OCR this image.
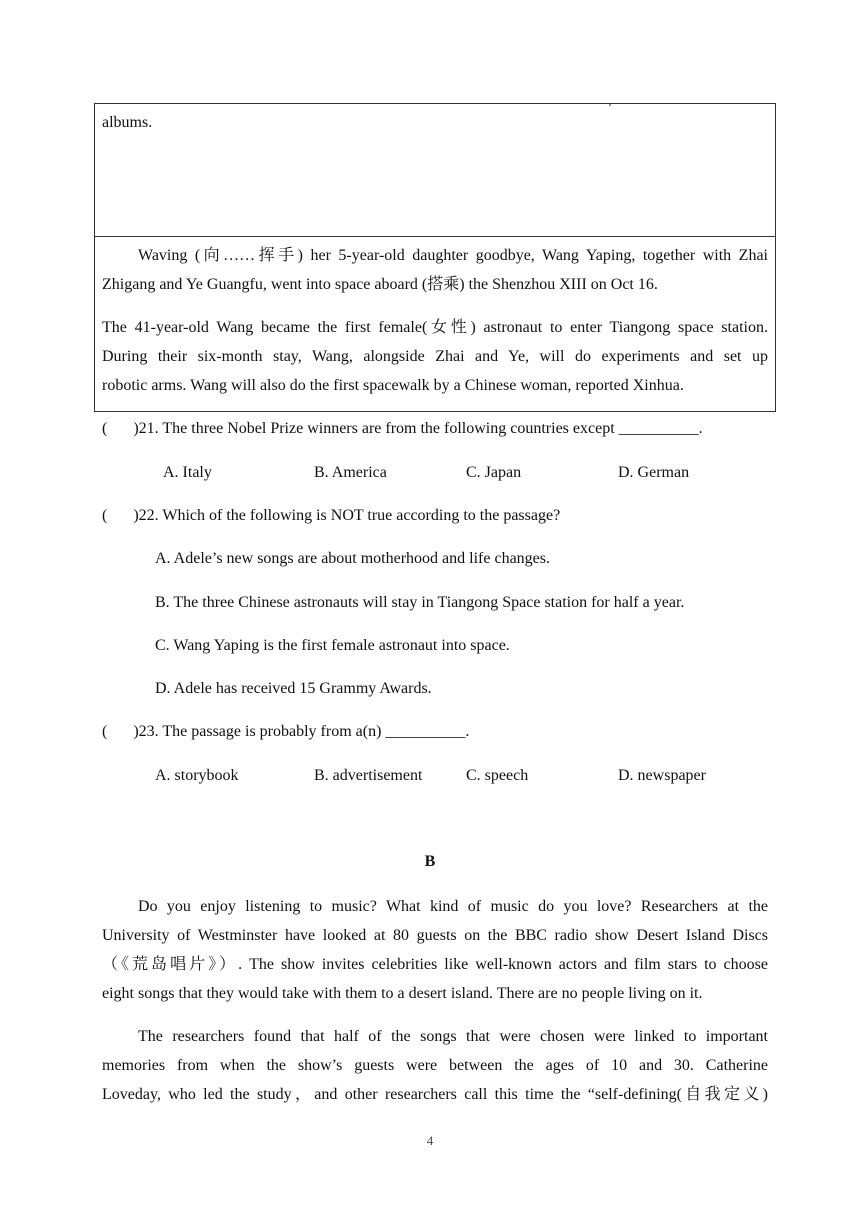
albums.
Waving (向……挥手) her 5-year-old daughter goodbye, Wang Yaping, together with Zhai
Zhigang and Ye Guangfu, went into space aboard (搭乘) the Shenzhou XIII on Oct 16.
The 41-year-old Wang became the first female(女性) astronaut to enter Tiangong space station.
During their six-month stay, Wang, alongside Zhai and Ye, will do experiments and set up
robotic arms. Wang will also do the first spacewalk by a Chinese woman, reported Xinhua.
( )21. The three Nobel Prize winners are from the following countries except __________.
A. Italy	B. America	C. Japan	D. German
( )22. Which of the following is NOT true according to the passage?
A. Adele’s new songs are about motherhood and life changes.
B. The three Chinese astronauts will stay in Tiangong Space station for half a year.
C. Wang Yaping is the first female astronaut into space.
D. Adele has received 15 Grammy Awards.
( )23. The passage is probably from a(n) __________.
A. storybook	B. advertisement	C. speech	D. newspaper
B
Do you enjoy listening to music? What kind of music do you love? Researchers at the
University of Westminster have looked at 80 guests on the BBC radio show Desert Island Discs
（《荒岛唱片》）. The show invites celebrities like well-known actors and film stars to choose
eight songs that they would take with them to a desert island. There are no people living on it.
The researchers found that half of the songs that were chosen were linked to important
memories from when the show’s guests were between the ages of 10 and 30. Catherine
Loveday, who led the study，and other researchers call this time the “self-defining(自我定义)
4
